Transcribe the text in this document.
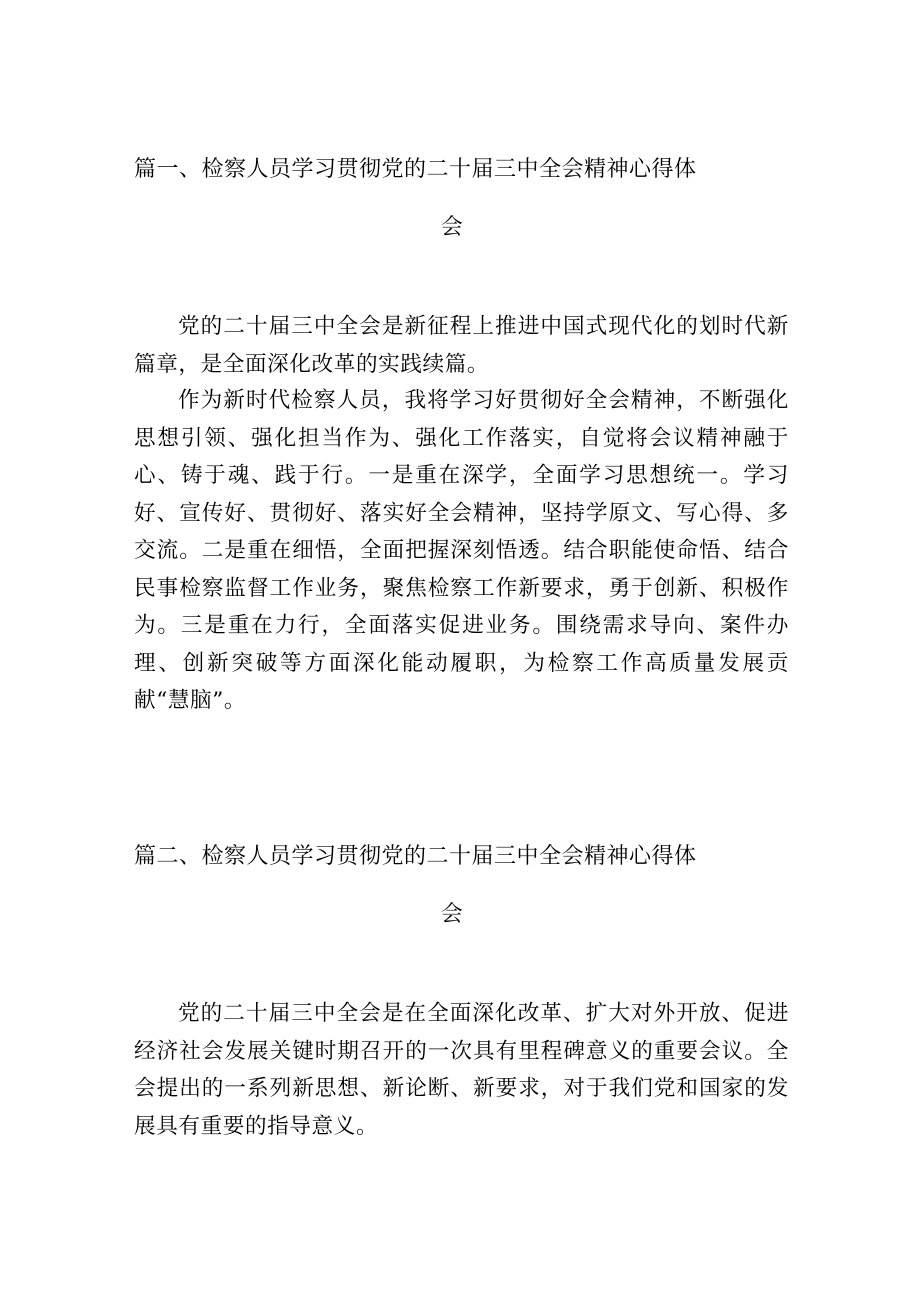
篇一、检察人员学习贯彻党的二十届三中全会精神心得体
会

党的二十届三中全会是新征程上推进中国式现代化的划时代新篇章，是全面深化改革的实践续篇。

作为新时代检察人员，我将学习好贯彻好全会精神，不断强化思想引领、强化担当作为、强化工作落实，自觉将会议精神融于心、铸于魂、践于行。一是重在深学，全面学习思想统一。学习好、宣传好、贯彻好、落实好全会精神，坚持学原文、写心得、多交流。二是重在细悟，全面把握深刻悟透。结合职能使命悟、结合民事检察监督工作业务，聚焦检察工作新要求，勇于创新、积极作为。三是重在力行，全面落实促进业务。围绕需求导向、案件办理、创新突破等方面深化能动履职，为检察工作高质量发展贡献“慧脑”。

篇二、检察人员学习贯彻党的二十届三中全会精神心得体
会

党的二十届三中全会是在全面深化改革、扩大对外开放、促进经济社会发展关键时期召开的一次具有里程碑意义的重要会议。全会提出的一系列新思想、新论断、新要求，对于我们党和国家的发展具有重要的指导意义。
